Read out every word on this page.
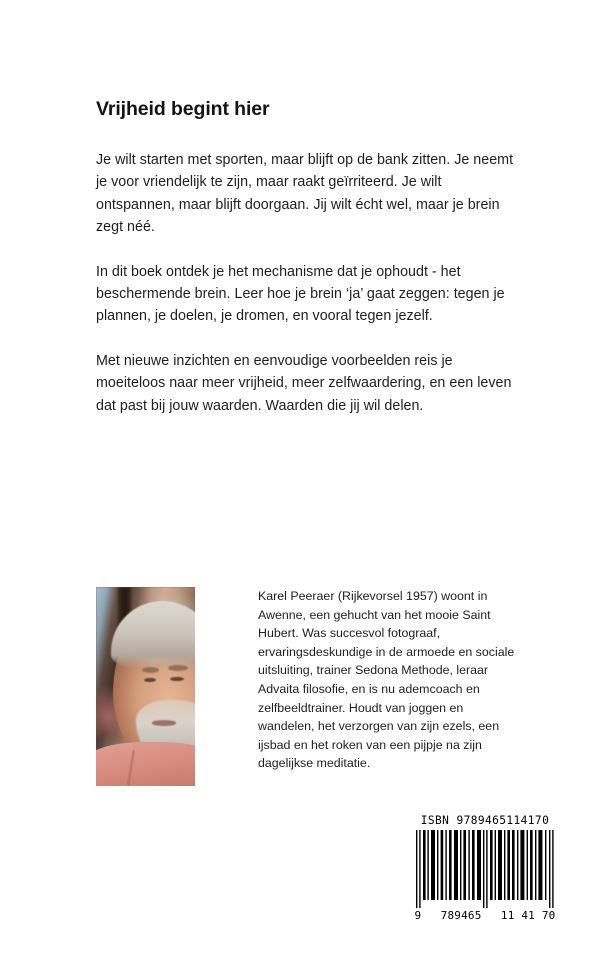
Vrijheid begint hier

Je wilt starten met sporten, maar blijft op de bank zitten. Je neemt je voor vriendelijk te zijn, maar raakt geïrriteerd. Je wilt ontspannen, maar blijft doorgaan. Jij wilt écht wel, maar je brein zegt néé.

In dit boek ontdek je het mechanisme dat je ophoudt - het beschermende brein. Leer hoe je brein ‘ja’ gaat zeggen: tegen je plannen, je doelen, je dromen, en vooral tegen jezelf.

Met nieuwe inzichten en eenvoudige voorbeelden reis je moeiteloos naar meer vrijheid, meer zelfwaardering, en een leven dat past bij jouw waarden. Waarden die jij wil delen.

Karel Peeraer (Rijkevorsel 1957) woont in Awenne, een gehucht van het mooie Saint Hubert. Was succesvol fotograaf, ervaringsdeskundige in de armoede en sociale uitsluiting, trainer Sedona Methode, leraar Advaita filosofie, en is nu ademcoach en zelfbeeldtrainer. Houdt van joggen en wandelen, het verzorgen van zijn ezels, een ijsbad en het roken van een pijpje na zijn dagelijkse meditatie.

ISBN 9789465114170
9 789465 11 41 70
